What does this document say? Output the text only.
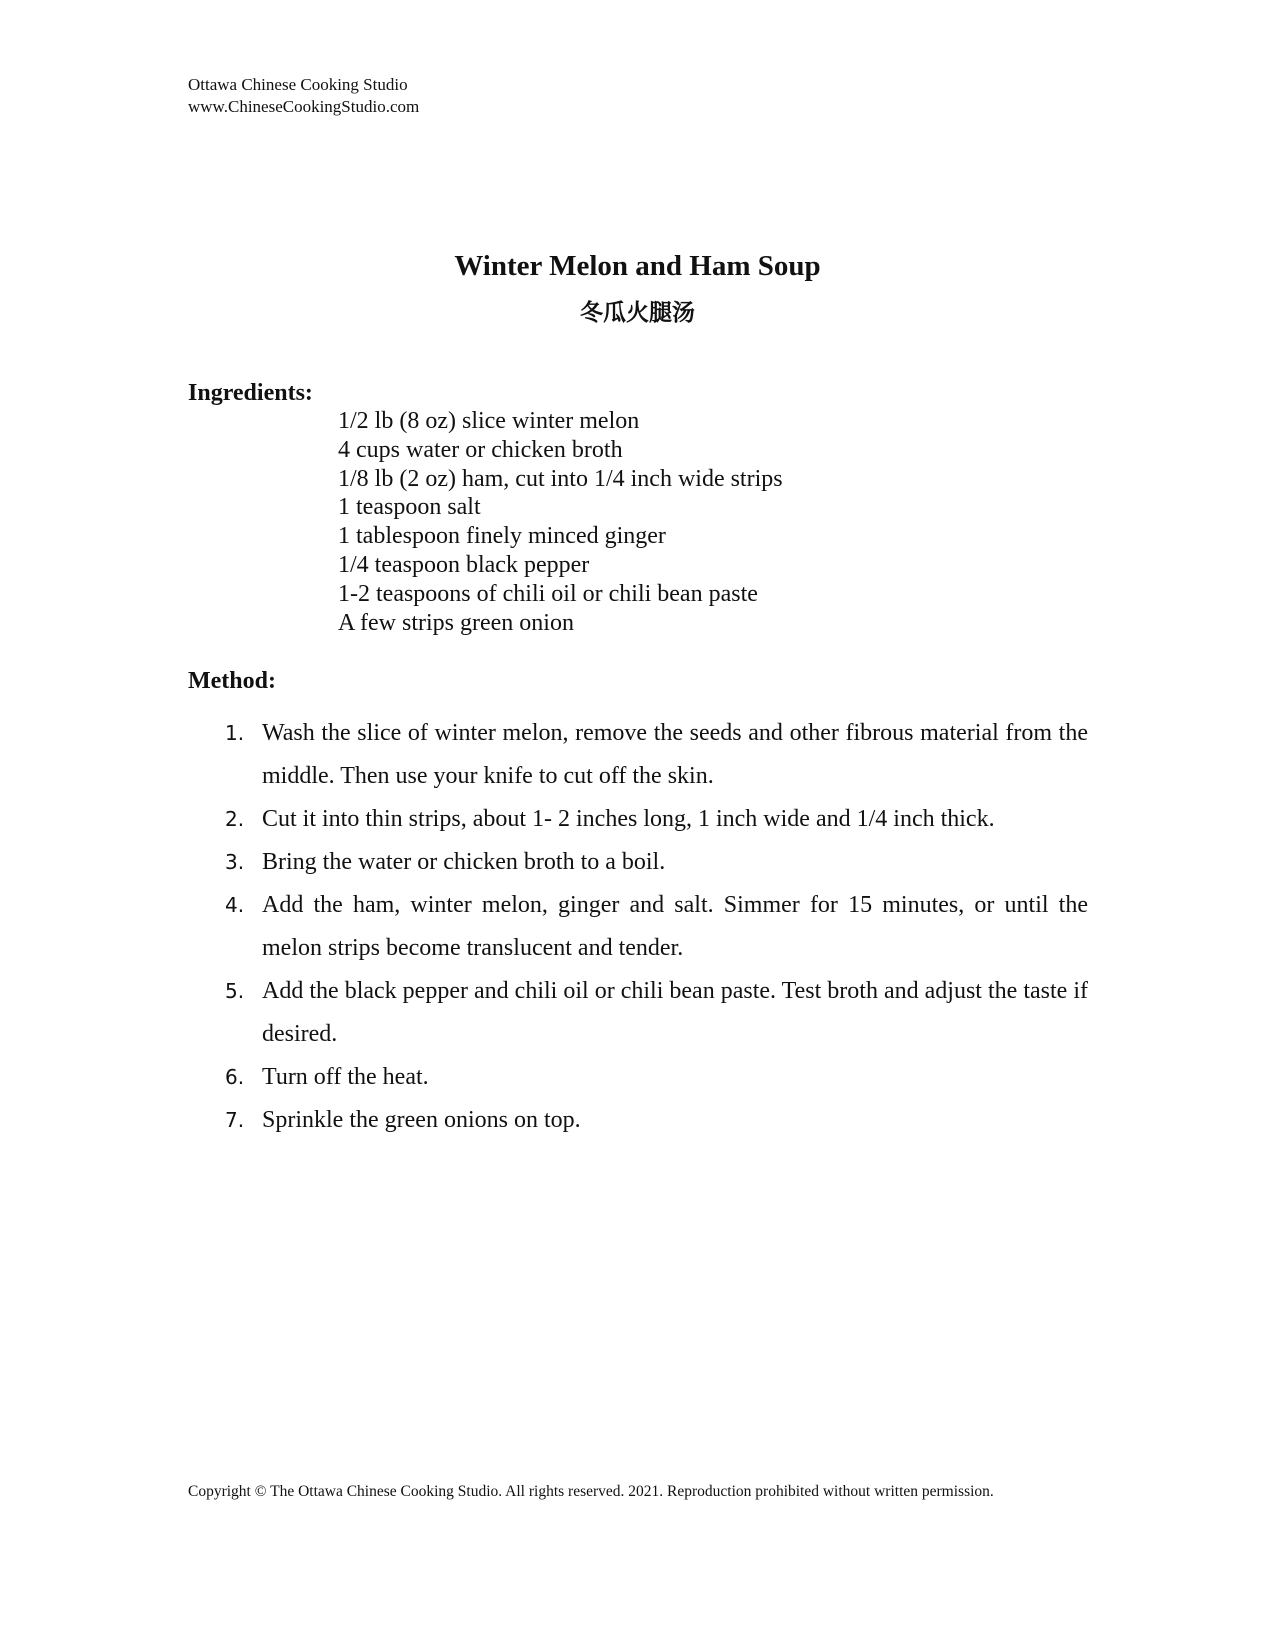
Ottawa Chinese Cooking Studio
www.ChineseCookingStudio.com
Winter Melon and Ham Soup
冬瓜火腿汤
Ingredients:
1/2 lb (8 oz) slice winter melon
4 cups water or chicken broth
1/8 lb (2 oz) ham, cut into 1/4 inch wide strips
1 teaspoon salt
1 tablespoon finely minced ginger
1/4 teaspoon black pepper
1-2 teaspoons of chili oil or chili bean paste
A few strips green onion
Method:
1. Wash the slice of winter melon, remove the seeds and other fibrous material from the middle. Then use your knife to cut off the skin.
2. Cut it into thin strips, about 1- 2 inches long, 1 inch wide and 1/4 inch thick.
3. Bring the water or chicken broth to a boil.
4. Add the ham, winter melon, ginger and salt. Simmer for 15 minutes, or until the melon strips become translucent and tender.
5. Add the black pepper and chili oil or chili bean paste. Test broth and adjust the taste if desired.
6. Turn off the heat.
7. Sprinkle the green onions on top.
Copyright © The Ottawa Chinese Cooking Studio. All rights reserved. 2021. Reproduction prohibited without written permission.
